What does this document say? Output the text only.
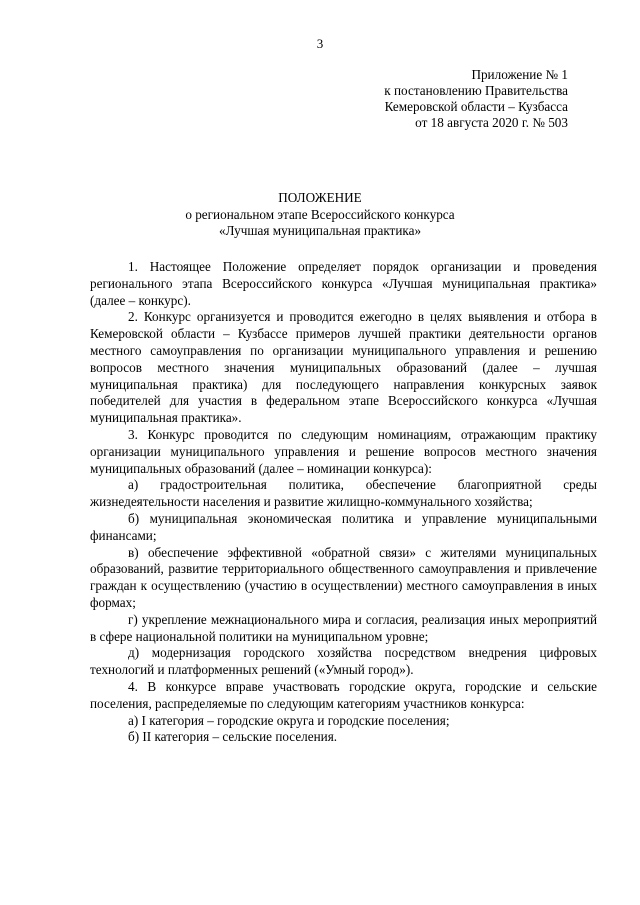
3
Приложение № 1
к постановлению Правительства
Кемеровской области – Кузбасса
от 18 августа 2020 г. № 503
ПОЛОЖЕНИЕ
о региональном этапе Всероссийского конкурса
«Лучшая муниципальная практика»

1. Настоящее Положение определяет порядок организации и проведения регионального этапа Всероссийского конкурса «Лучшая муниципальная практика» (далее – конкурс).

2. Конкурс организуется и проводится ежегодно в целях выявления и отбора в Кемеровской области – Кузбассе примеров лучшей практики деятельности органов местного самоуправления по организации муниципального управления и решению вопросов местного значения муниципальных образований (далее – лучшая муниципальная практика) для последующего направления конкурсных заявок победителей для участия в федеральном этапе Всероссийского конкурса «Лучшая муниципальная практика».

3. Конкурс проводится по следующим номинациям, отражающим практику организации муниципального управления и решение вопросов местного значения муниципальных образований (далее – номинации конкурса):

а) градостроительная политика, обеспечение благоприятной среды жизнедеятельности населения и развитие жилищно-коммунального хозяйства;

б) муниципальная экономическая политика и управление муниципальными финансами;

в) обеспечение эффективной «обратной связи» с жителями муниципальных образований, развитие территориального общественного самоуправления и привлечение граждан к осуществлению (участию в осуществлении) местного самоуправления в иных формах;

г) укрепление межнационального мира и согласия, реализация иных мероприятий в сфере национальной политики на муниципальном уровне;

д) модернизация городского хозяйства посредством внедрения цифровых технологий и платформенных решений («Умный город»).

4. В конкурсе вправе участвовать городские округа, городские и сельские поселения, распределяемые по следующим категориям участников конкурса:

а) I категория – городские округа и городские поселения;

б) II категория – сельские поселения.
